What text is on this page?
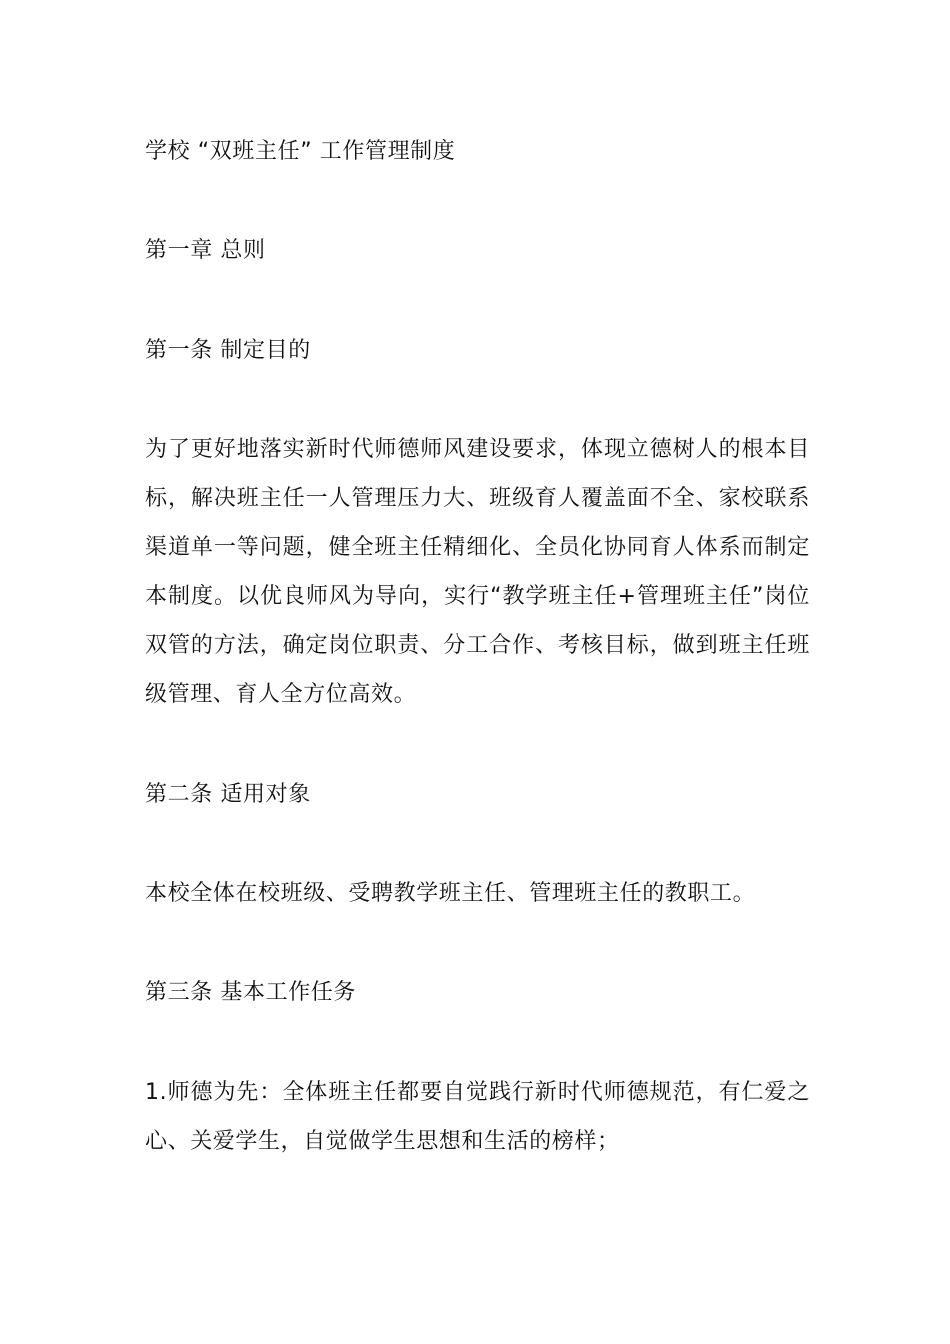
学校 “双班主任” 工作管理制度

第一章 总则

第一条 制定目的

为了更好地落实新时代师德师风建设要求，体现立德树人的根本目标，解决班主任一人管理压力大、班级育人覆盖面不全、家校联系渠道单一等问题，健全班主任精细化、全员化协同育人体系而制定本制度。以优良师风为导向，实行“教学班主任+管理班主任”岗位双管的方法，确定岗位职责、分工合作、考核目标，做到班主任班级管理、育人全方位高效。

第二条 适用对象

本校全体在校班级、受聘教学班主任、管理班主任的教职工。

第三条 基本工作任务

1.师德为先：全体班主任都要自觉践行新时代师德规范，有仁爱之心、关爱学生，自觉做学生思想和生活的榜样；
